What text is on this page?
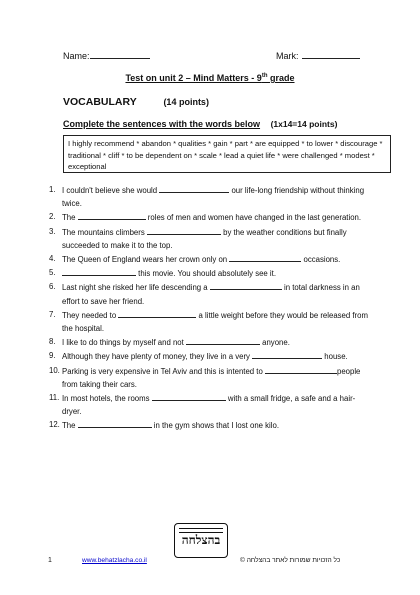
Name:	Mark:
Test on unit 2 – Mind Matters - 9th grade
VOCABULARY	(14 points)
Complete the sentences with the words below (1x14=14 points)
I highly recommend * abandon * qualities * gain * part * are equipped * to lower * discourage * traditional * cliff * to be dependent on * scale * lead a quiet life * were challenged * modest * exceptional
1. I couldn't believe she would	our life-long friendship without thinking twice.
2. The	roles of men and women have changed in the last generation.
3. The mountains climbers	by the weather conditions but finally succeeded to make it to the top.
4. The Queen of England wears her crown only on	occasions.
5.	this movie. You should absolutely see it.
6. Last night she risked her life descending a	in total darkness in an effort to save her friend.
7. They needed to	a little weight before they would be released from the hospital.
8. I like to do things by myself and not	anyone.
9. Although they have plenty of money, they live in a very	house.
10. Parking is very expensive in Tel Aviv and this is intented to	people from taking their cars.
11. In most hotels, the rooms	with a small fridge, a safe and a hair-dryer.
12. The	in the gym shows that I lost one kilo.
בהצלחה
1	www.behatzlacha.co.il	כל הזכויות שמורות לאתר בהצלחה ©
